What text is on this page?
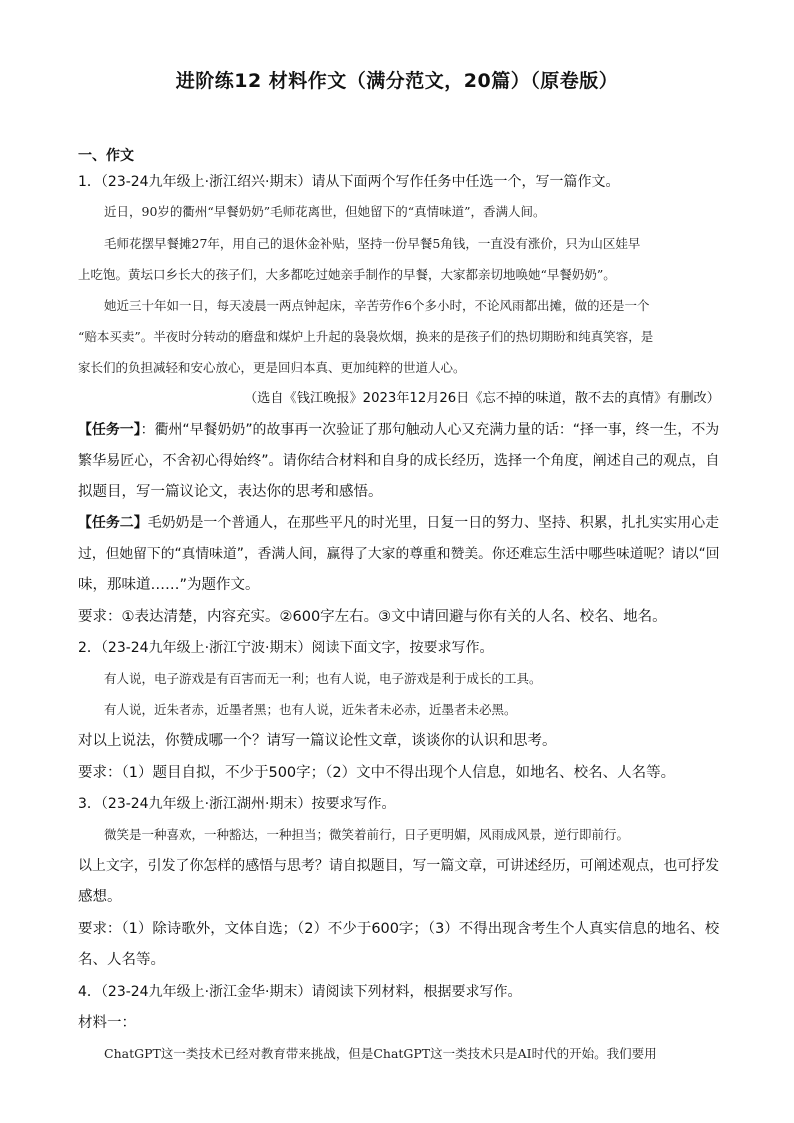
进阶练12 材料作文（满分范文，20篇）（原卷版）
一、作文
1．（23-24九年级上·浙江绍兴·期末）请从下面两个写作任务中任选一个，写一篇作文。
近日，90岁的衢州“早餐奶奶”毛师花离世，但她留下的“真情味道”，香满人间。
毛师花摆早餐摊27年，用自己的退休金补贴，坚持一份早餐5角钱，一直没有涨价，只为山区娃早
上吃饱。黄坛口乡长大的孩子们，大多都吃过她亲手制作的早餐，大家都亲切地唤她“早餐奶奶”。
她近三十年如一日，每天凌晨一两点钟起床，辛苦劳作6个多小时，不论风雨都出摊，做的还是一个
“赔本买卖”。半夜时分转动的磨盘和煤炉上升起的袅袅炊烟，换来的是孩子们的热切期盼和纯真笑容，是
家长们的负担减轻和安心放心，更是回归本真、更加纯粹的世道人心。
（选自《钱江晚报》2023年12月26日《忘不掉的味道，散不去的真情》有删改）
【任务一】：衢州“早餐奶奶”的故事再一次验证了那句触动人心又充满力量的话：“择一事，终一生，不为
繁华易匠心，不舍初心得始终”。请你结合材料和自身的成长经历，选择一个角度，阐述自己的观点，自
拟题目，写一篇议论文，表达你的思考和感悟。
【任务二】毛奶奶是一个普通人，在那些平凡的时光里，日复一日的努力、坚持、积累，扎扎实实用心走
过，但她留下的“真情味道”，香满人间，赢得了大家的尊重和赞美。你还难忘生活中哪些味道呢？请以“回
味，那味道……”为题作文。
要求：①表达清楚，内容充实。②600字左右。③文中请回避与你有关的人名、校名、地名。
2．（23-24九年级上·浙江宁波·期末）阅读下面文字，按要求写作。
有人说，电子游戏是有百害而无一利；也有人说，电子游戏是利于成长的工具。
有人说，近朱者赤，近墨者黑；也有人说，近朱者未必赤，近墨者未必黑。
对以上说法，你赞成哪一个？请写一篇议论性文章，谈谈你的认识和思考。
要求：（1）题目自拟，不少于500字；（2）文中不得出现个人信息，如地名、校名、人名等。
3．（23-24九年级上·浙江湖州·期末）按要求写作。
微笑是一种喜欢，一种豁达，一种担当；微笑着前行，日子更明媚，风雨成风景，逆行即前行。
以上文字，引发了你怎样的感悟与思考？请自拟题目，写一篇文章，可讲述经历，可阐述观点，也可抒发
感想。
要求：（1）除诗歌外，文体自选；（2）不少于600字；（3）不得出现含考生个人真实信息的地名、校
名、人名等。
4．（23-24九年级上·浙江金华·期末）请阅读下列材料，根据要求写作。
材料一：
ChatGPT这一类技术已经对教育带来挑战，但是ChatGPT这一类技术只是AI时代的开始。我们要用
